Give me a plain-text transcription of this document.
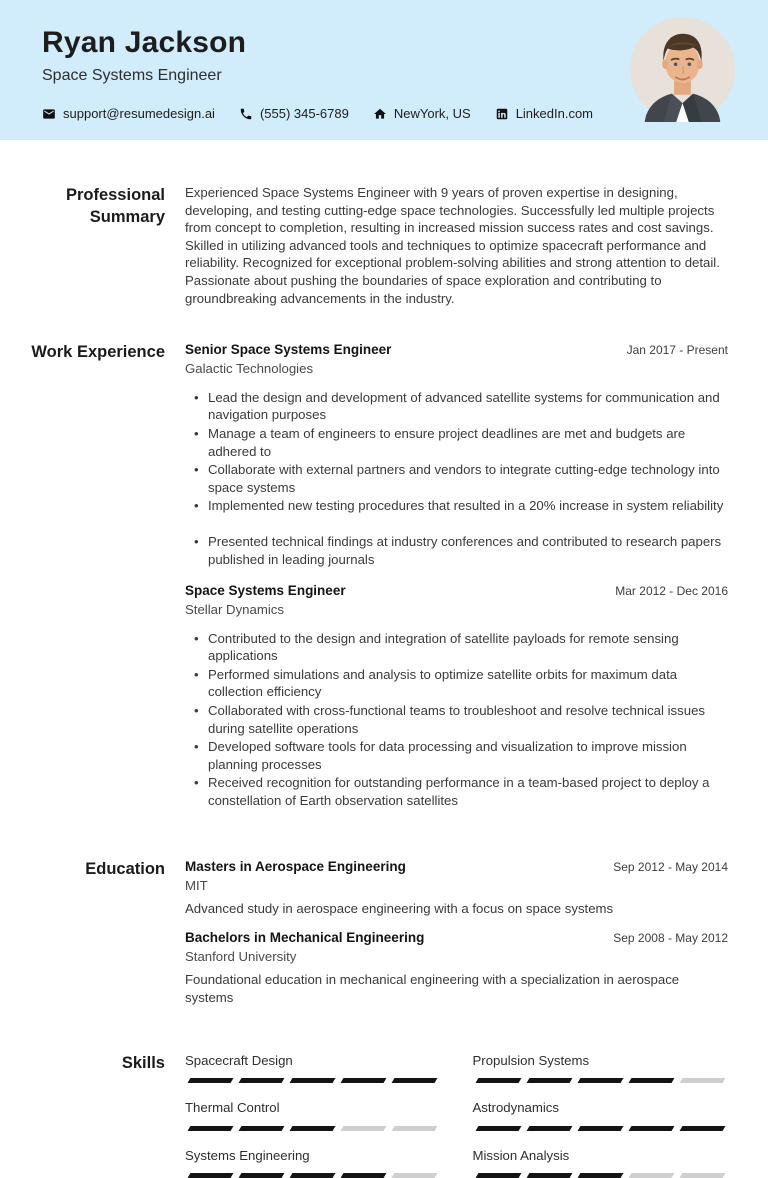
Ryan Jackson
Space Systems Engineer
support@resumedesign.ai	(555) 345-6789	NewYork, US	LinkedIn.com
Professional Summary

Experienced Space Systems Engineer with 9 years of proven expertise in designing, developing, and testing cutting-edge space technologies. Successfully led multiple projects from concept to completion, resulting in increased mission success rates and cost savings. Skilled in utilizing advanced tools and techniques to optimize spacecraft performance and reliability. Recognized for exceptional problem-solving abilities and strong attention to detail. Passionate about pushing the boundaries of space exploration and contributing to groundbreaking advancements in the industry.

Work Experience Senior Space Systems Engineer
Galactic Technologies
Jan 2017 - Present
• Lead the design and development of advanced satellite systems for communication and navigation purposes
• Manage a team of engineers to ensure project deadlines are met and budgets are adhered to
• Collaborate with external partners and vendors to integrate cutting-edge technology into space systems
• Implemented new testing procedures that resulted in a 20% increase in system reliability
• Presented technical findings at industry conferences and contributed to research papers published in leading journals
Space Systems Engineer
Stellar Dynamics
Mar 2012 - Dec 2016
• Contributed to the design and integration of satellite payloads for remote sensing applications
• Performed simulations and analysis to optimize satellite orbits for maximum data collection efficiency
• Collaborated with cross-functional teams to troubleshoot and resolve technical issues during satellite operations
• Developed software tools for data processing and visualization to improve mission planning processes
• Received recognition for outstanding performance in a team-based project to deploy a constellation of Earth observation satellites
Education Masters in Aerospace Engineering
MIT
Sep 2012 - May 2014
Advanced study in aerospace engineering with a focus on space systems
Bachelors in Mechanical Engineering
Stanford University
Sep 2008 - May 2012
Foundational education in mechanical engineering with a specialization in aerospace systems
Skills Spacecraft Design	Propulsion Systems
Thermal Control	Astrodynamics
Systems Engineering	Mission Analysis
